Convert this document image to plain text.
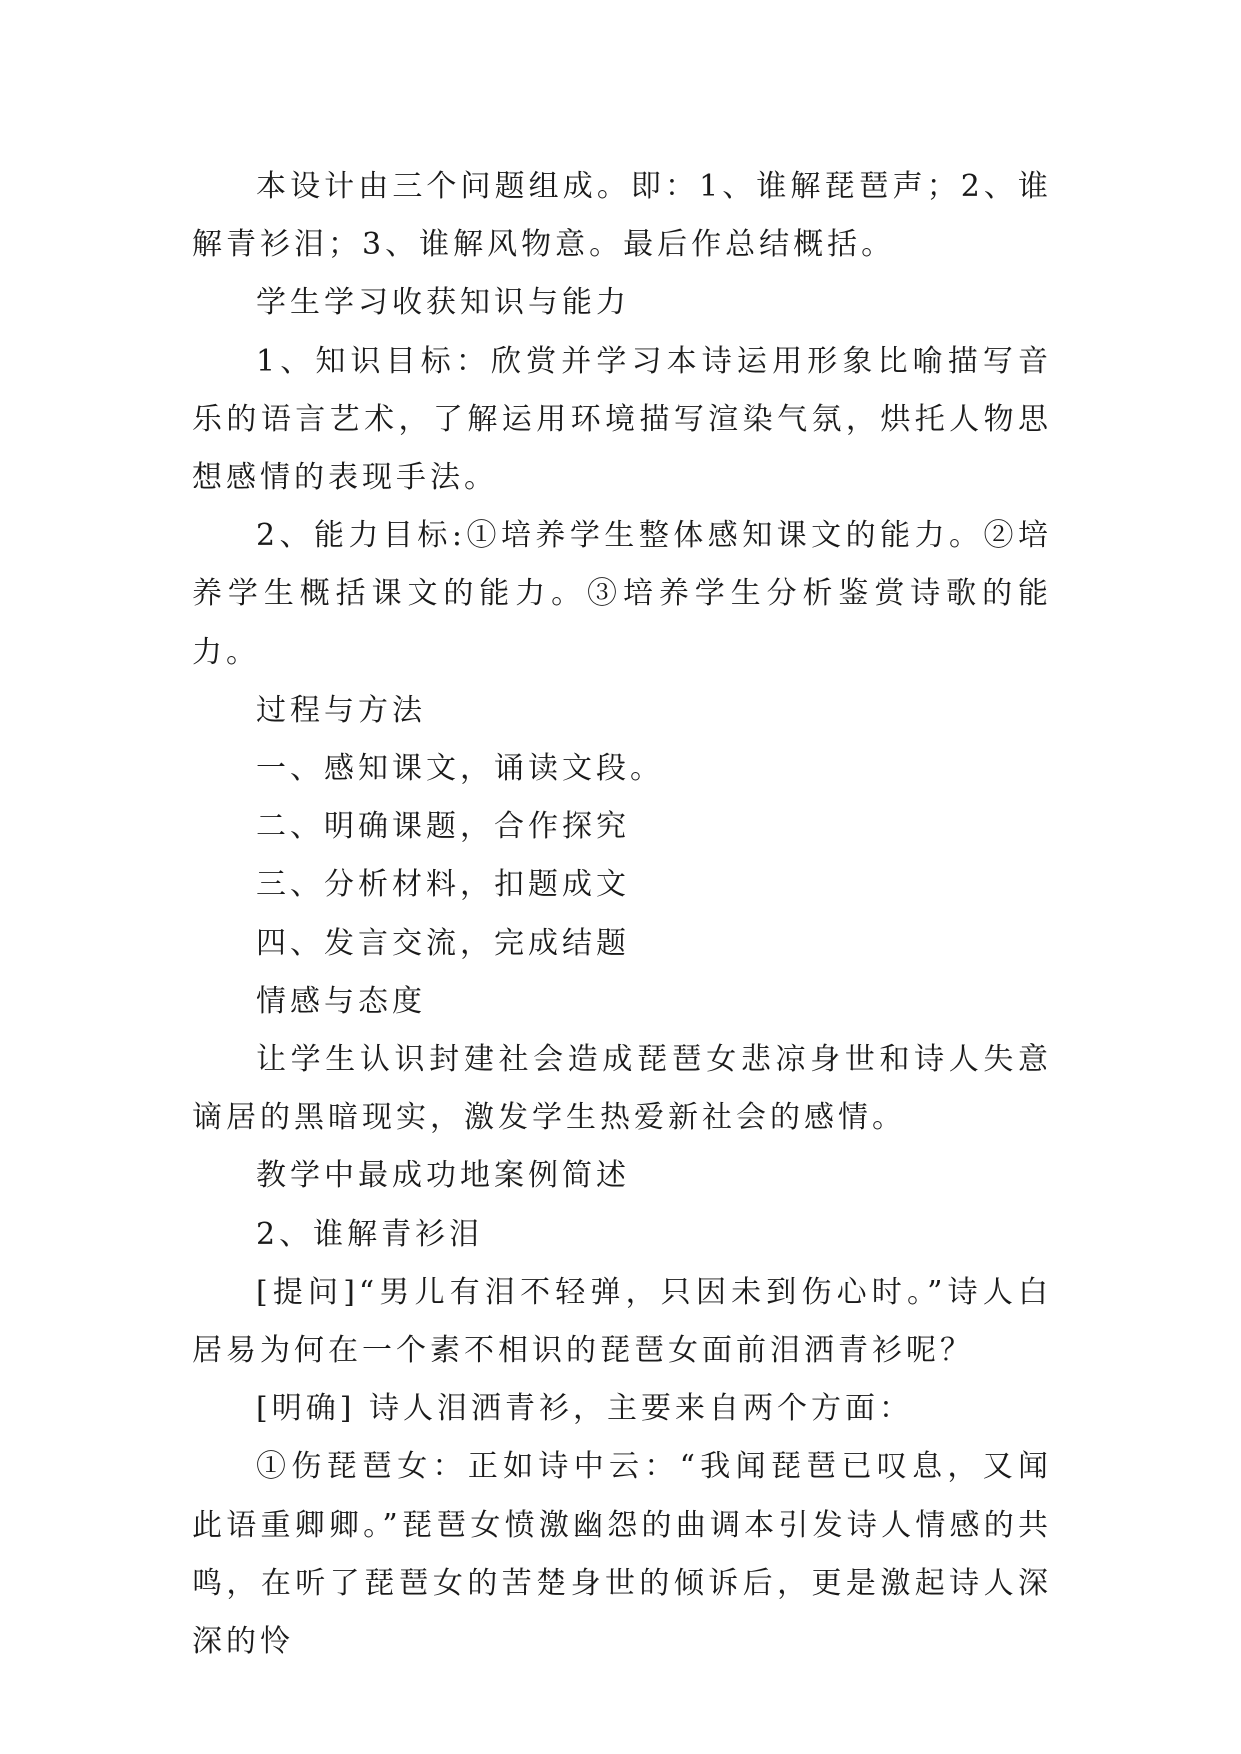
本设计由三个问题组成。即：1、谁解琵琶声；2、谁解青衫泪；3、谁解风物意。最后作总结概括。

学生学习收获知识与能力

1、知识目标：欣赏并学习本诗运用形象比喻描写音乐的语言艺术，了解运用环境描写渲染气氛，烘托人物思想感情的表现手法。

2、能力目标:①培养学生整体感知课文的能力。②培养学生概括课文的能力。③培养学生分析鉴赏诗歌的能力。

过程与方法

一、感知课文，诵读文段。

二、明确课题，合作探究

三、分析材料，扣题成文

四、发言交流，完成结题

情感与态度

让学生认识封建社会造成琵琶女悲凉身世和诗人失意谪居的黑暗现实，激发学生热爱新社会的感情。

教学中最成功地案例简述

2、谁解青衫泪

[提问]“男儿有泪不轻弹，只因未到伤心时。”诗人白居易为何在一个素不相识的琵琶女面前泪洒青衫呢？

[明确] 诗人泪洒青衫，主要来自两个方面：

①伤琵琶女：正如诗中云：“我闻琵琶已叹息，又闻此语重卿卿。”琵琶女愤激幽怨的曲调本引发诗人情感的共鸣，在听了琵琶女的苦楚身世的倾诉后，更是激起诗人深深的怜
